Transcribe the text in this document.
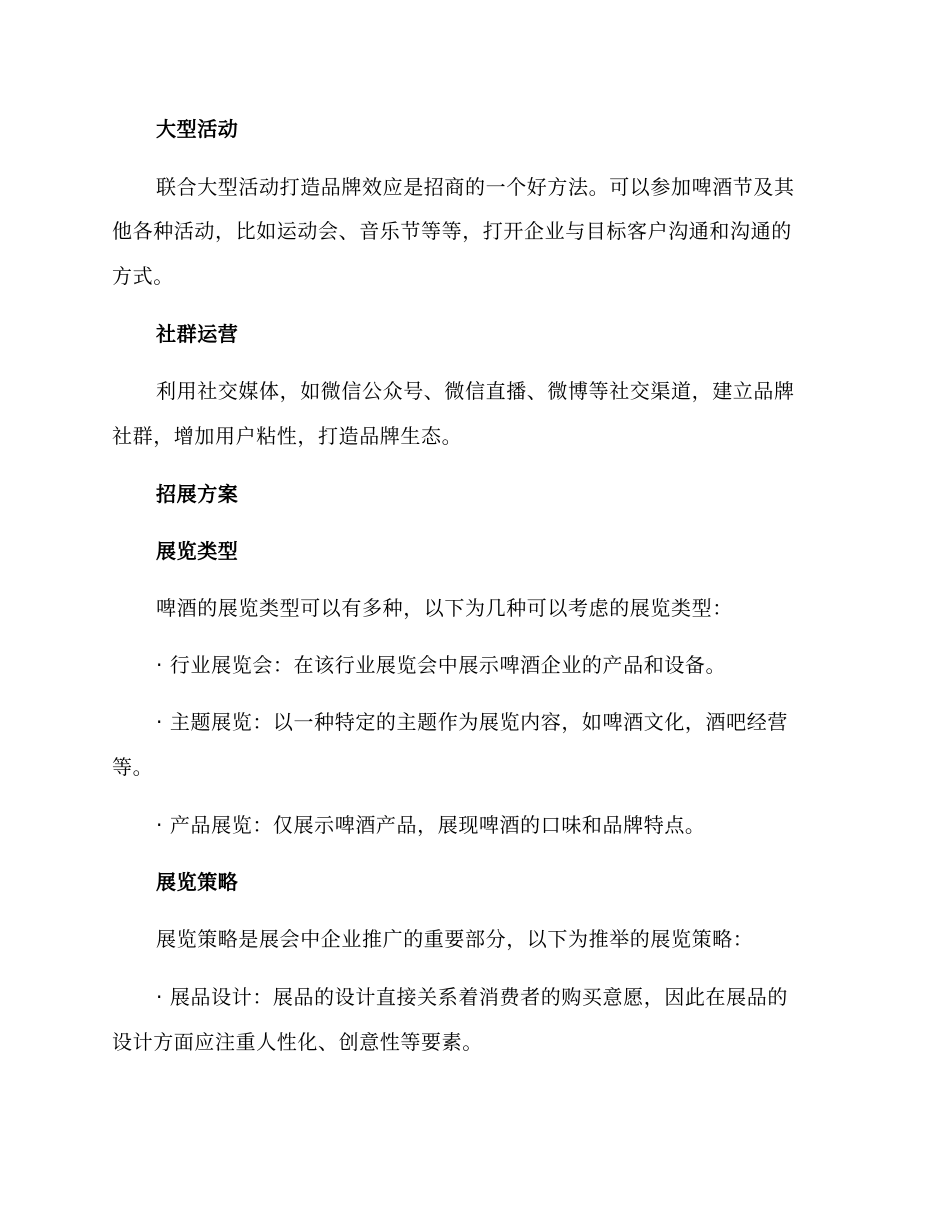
大型活动
联合大型活动打造品牌效应是招商的一个好方法。可以参加啤酒节及其
他各种活动，比如运动会、音乐节等等，打开企业与目标客户沟通和沟通的
方式。
社群运营
利用社交媒体，如微信公众号、微信直播、微博等社交渠道，建立品牌
社群，增加用户粘性，打造品牌生态。
招展方案
展览类型
啤酒的展览类型可以有多种，以下为几种可以考虑的展览类型：
· 行业展览会：在该行业展览会中展示啤酒企业的产品和设备。
· 主题展览：以一种特定的主题作为展览内容，如啤酒文化，酒吧经营
等。
· 产品展览：仅展示啤酒产品，展现啤酒的口味和品牌特点。
展览策略
展览策略是展会中企业推广的重要部分，以下为推举的展览策略：
· 展品设计：展品的设计直接关系着消费者的购买意愿，因此在展品的
设计方面应注重人性化、创意性等要素。
